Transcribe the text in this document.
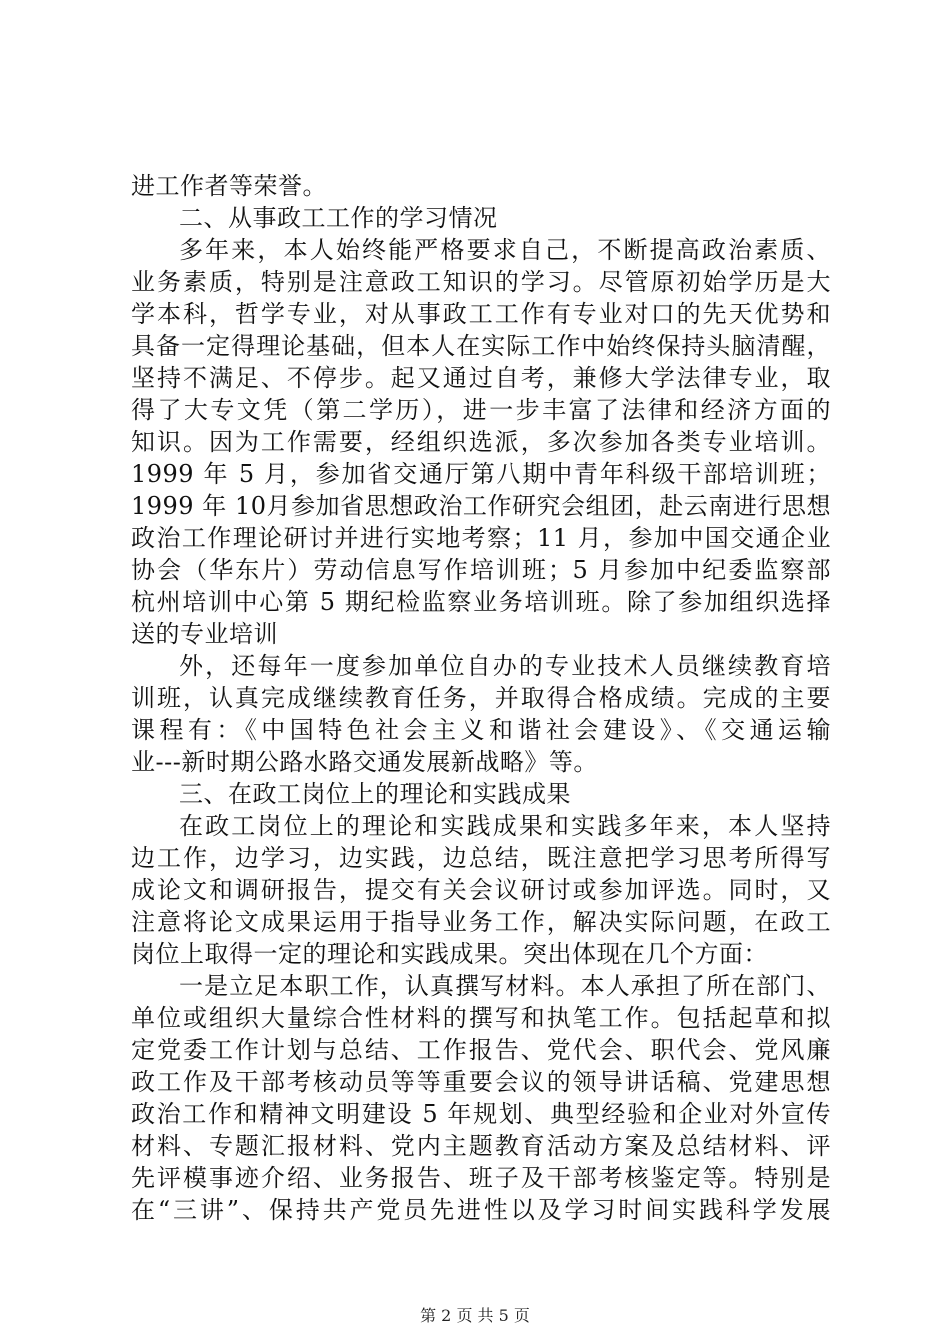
进工作者等荣誉。
二、从事政工工作的学习情况
多年来，本人始终能严格要求自己，不断提高政治素质、
业务素质，特别是注意政工知识的学习。尽管原初始学历是大
学本科，哲学专业，对从事政工工作有专业对口的先天优势和
具备一定得理论基础，但本人在实际工作中始终保持头脑清醒，
坚持不满足、不停步。起又通过自考，兼修大学法律专业，取
得了大专文凭（第二学历），进一步丰富了法律和经济方面的
知识。因为工作需要，经组织选派，多次参加各类专业培训。
1999 年 5 月，参加省交通厅第八期中青年科级干部培训班；
1999 年 10月参加省思想政治工作研究会组团，赴云南进行思想
政治工作理论研讨并进行实地考察；11 月，参加中国交通企业
协会（华东片）劳动信息写作培训班；5 月参加中纪委监察部
杭州培训中心第 5 期纪检监察业务培训班。除了参加组织选择
送的专业培训
外，还每年一度参加单位自办的专业技术人员继续教育培
训班，认真完成继续教育任务，并取得合格成绩。完成的主要
课程有：《中国特色社会主义和谐社会建设》、《交通运输
业---新时期公路水路交通发展新战略》等。
三、在政工岗位上的理论和实践成果
在政工岗位上的理论和实践成果和实践多年来，本人坚持
边工作，边学习，边实践，边总结，既注意把学习思考所得写
成论文和调研报告，提交有关会议研讨或参加评选。同时，又
注意将论文成果运用于指导业务工作，解决实际问题，在政工
岗位上取得一定的理论和实践成果。突出体现在几个方面：
一是立足本职工作，认真撰写材料。本人承担了所在部门、
单位或组织大量综合性材料的撰写和执笔工作。包括起草和拟
定党委工作计划与总结、工作报告、党代会、职代会、党风廉
政工作及干部考核动员等等重要会议的领导讲话稿、党建思想
政治工作和精神文明建设 5 年规划、典型经验和企业对外宣传
材料、专题汇报材料、党内主题教育活动方案及总结材料、评
先评模事迹介绍、业务报告、班子及干部考核鉴定等。特别是
在“三讲”、保持共产党员先进性以及学习时间实践科学发展
第 2 页 共 5 页
